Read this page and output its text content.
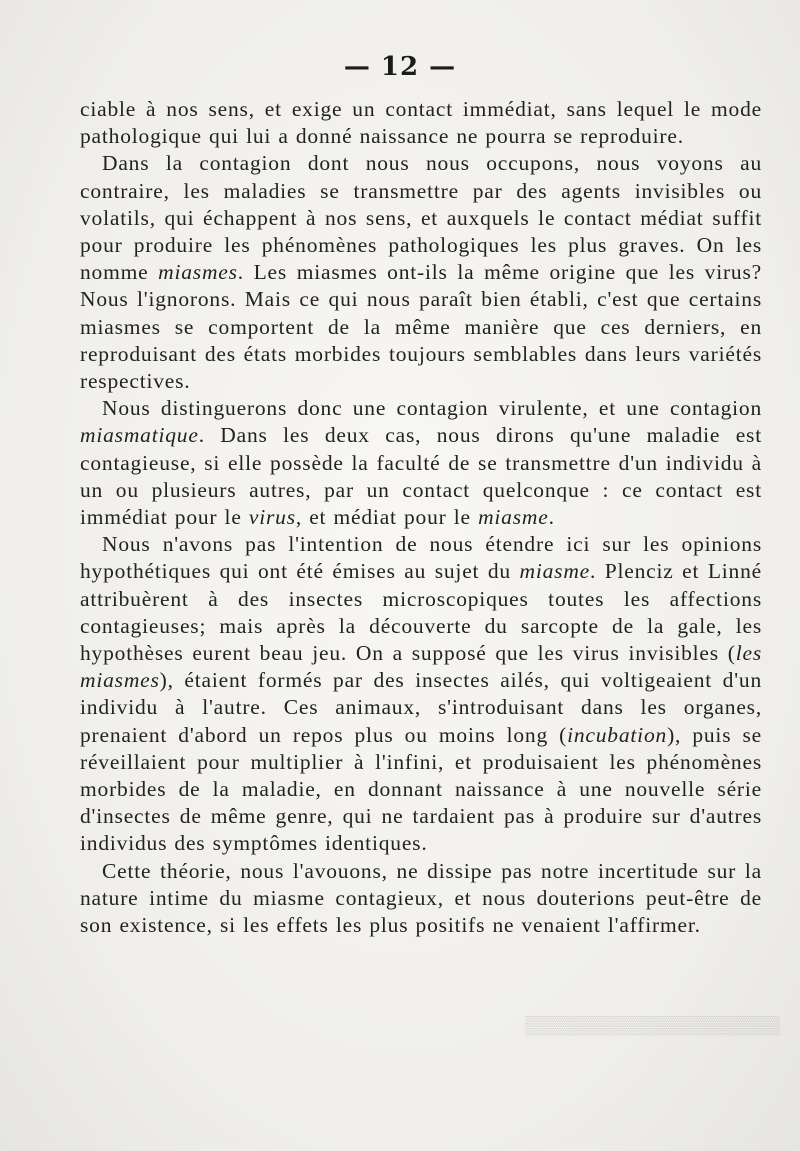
— 12 —

ciable à nos sens, et exige un contact immédiat, sans lequel le mode pathologique qui lui a donné naissance ne pourra se reproduire.

Dans la contagion dont nous nous occupons, nous voyons au contraire, les maladies se transmettre par des agents invisibles ou volatils, qui échappent à nos sens, et auxquels le contact médiat suffit pour produire les phénomènes pathologiques les plus graves. On les nomme miasmes. Les miasmes ont-ils la même origine que les virus? Nous l'ignorons. Mais ce qui nous paraît bien établi, c'est que certains miasmes se comportent de la même manière que ces derniers, en reproduisant des états morbides toujours semblables dans leurs variétés respectives.

Nous distinguerons donc une contagion virulente, et une contagion miasmatique. Dans les deux cas, nous dirons qu'une maladie est contagieuse, si elle possède la faculté de se transmettre d'un individu à un ou plusieurs autres, par un contact quelconque : ce contact est immédiat pour le virus, et médiat pour le miasme.

Nous n'avons pas l'intention de nous étendre ici sur les opinions hypothétiques qui ont été émises au sujet du miasme. Plenciz et Linné attribuèrent à des insectes microscopiques toutes les affections contagieuses; mais après la découverte du sarcopte de la gale, les hypothèses eurent beau jeu. On a supposé que les virus invisibles (les miasmes), étaient formés par des insectes ailés, qui voltigeaient d'un individu à l'autre. Ces animaux, s'introduisant dans les organes, prenaient d'abord un repos plus ou moins long (incubation), puis se réveillaient pour multiplier à l'infini, et produisaient les phénomènes morbides de la maladie, en donnant naissance à une nouvelle série d'insectes de même genre, qui ne tardaient pas à produire sur d'autres individus des symptômes identiques.

Cette théorie, nous l'avouons, ne dissipe pas notre incertitude sur la nature intime du miasme contagieux, et nous douterions peut-être de son existence, si les effets les plus positifs ne venaient l'affirmer.

▒▒▒▒▒▒▒▒▒▒▒▒▒▒▒▒▒▒▒▒
